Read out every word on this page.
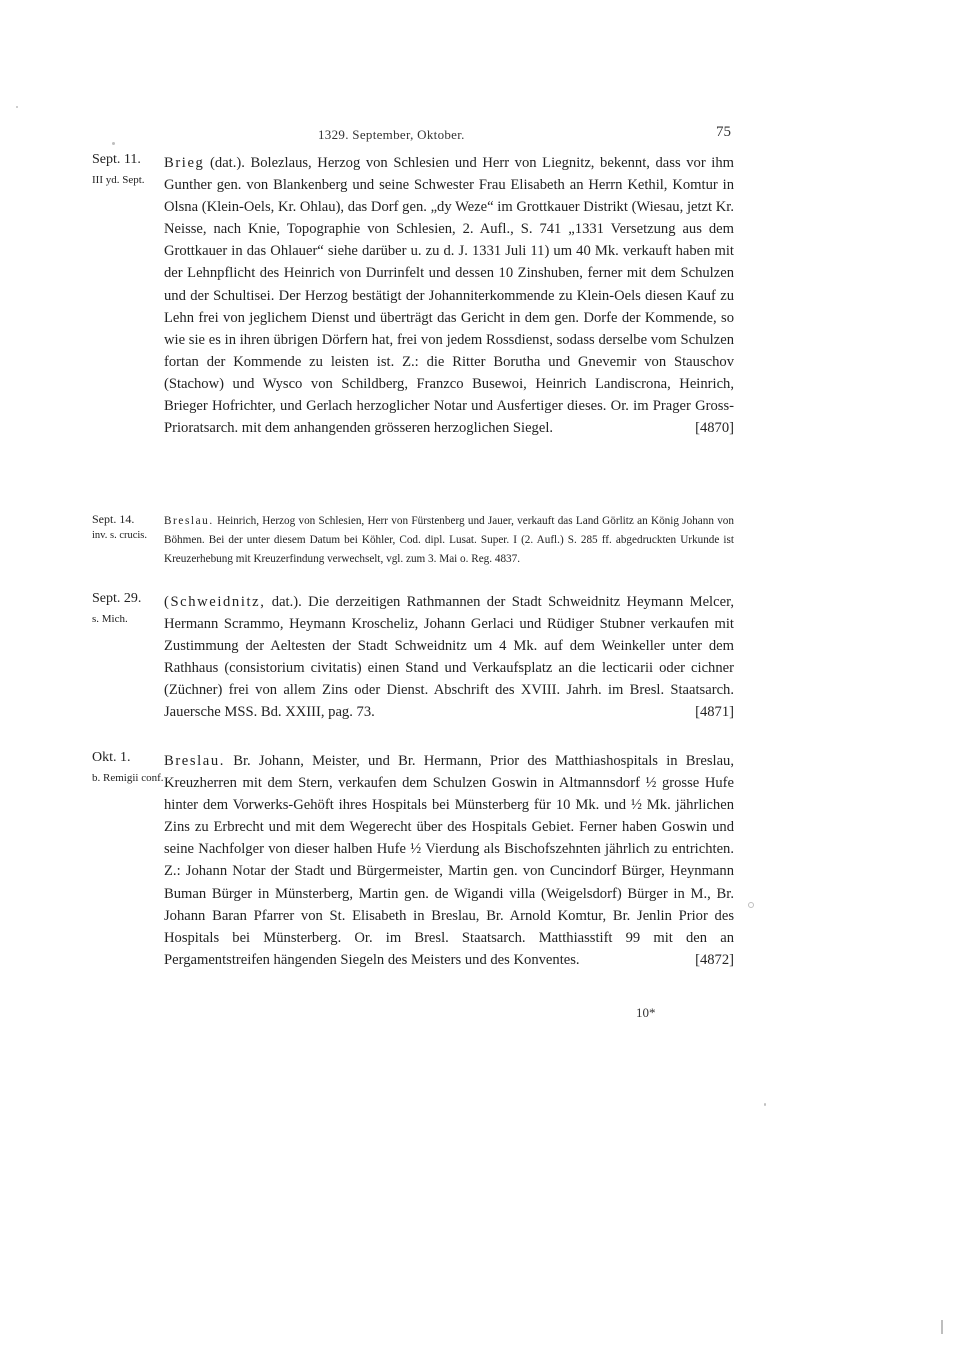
1329. September, Oktober.	75
Sept. 11.
III yd. Sept.
Brieg (dat.). Bolezlaus, Herzog von Schlesien und Herr von Liegnitz, bekennt, dass vor ihm Gunther gen. von Blankenberg und seine Schwester Frau Elisabeth an Herrn Kethil, Komtur in Olsna (Klein-Oels, Kr. Ohlau), das Dorf gen. „dy Weze“ im Grottkauer Distrikt (Wiesau, jetzt Kr. Neisse, nach Knie, Topographie von Schlesien, 2. Aufl., S. 741 „1331 Versetzung aus dem Grottkauer in das Ohlauer“ siehe darüber u. zu d. J. 1331 Juli 11) um 40 Mk. verkauft haben mit der Lehnpflicht des Heinrich von Durrinfelt und dessen 10 Zinshuben, ferner mit dem Schulzen und der Schultisei. Der Herzog bestätigt der Johanniterkommende zu Klein-Oels diesen Kauf zu Lehn frei von jeglichem Dienst und überträgt das Gericht in dem gen. Dorfe der Kommende, so wie sie es in ihren übrigen Dörfern hat, frei von jedem Rossdienst, sodass derselbe vom Schulzen fortan der Kommende zu leisten ist. Z.: die Ritter Borutha und Gnevemir von Stauschov (Stachow) und Wysco von Schildberg, Franzco Busewoi, Heinrich Landiscrona, Heinrich, Brieger Hofrichter, und Gerlach herzoglicher Notar und Ausfertiger dieses. Or. im Prager Gross-Prioratsarch. mit dem anhangenden grösseren herzoglichen Siegel.	[4870]
Sept. 14.
inv. s. crucis.
Breslau. Heinrich, Herzog von Schlesien, Herr von Fürstenberg und Jauer, verkauft das Land Görlitz an König Johann von Böhmen. Bei der unter diesem Datum bei Köhler, Cod. dipl. Lusat. Super. I (2. Aufl.) S. 285 ff. abgedruckten Urkunde ist Kreuzerhebung mit Kreuzerfindung verwechselt, vgl. zum 3. Mai o. Reg. 4837.
Sept. 29.
s. Mich.
(Schweidnitz, dat.). Die derzeitigen Rathmannen der Stadt Schweidnitz Heymann Melcer, Hermann Scrammo, Heymann Kroscheliz, Johann Gerlaci und Rüdiger Stubner verkaufen mit Zustimmung der Aeltesten der Stadt Schweidnitz um 4 Mk. auf dem Weinkeller unter dem Rathhaus (consistorium civitatis) einen Stand und Verkaufsplatz an die lecticarii oder cichner (Züchner) frei von allem Zins oder Dienst. Abschrift des XVIII. Jahrh. im Bresl. Staatsarch. Jauersche MSS. Bd. XXIII, pag. 73.	[4871]
Okt. 1.
b. Remigii conf.
Breslau. Br. Johann, Meister, und Br. Hermann, Prior des Matthiashospitals in Breslau, Kreuzherren mit dem Stern, verkaufen dem Schulzen Goswin in Altmannsdorf ½ grosse Hufe hinter dem Vorwerks-Gehöft ihres Hospitals bei Münsterberg für 10 Mk. und ½ Mk. jährlichen Zins zu Erbrecht und mit dem Wegerecht über des Hospitals Gebiet. Ferner haben Goswin und seine Nachfolger von dieser halben Hufe ½ Vierdung als Bischofszehnten jährlich zu entrichten. Z.: Johann Notar der Stadt und Bürgermeister, Martin gen. von Cuncindorf Bürger, Heynmann Buman Bürger in Münsterberg, Martin gen. de Wigandi villa (Weigelsdorf) Bürger in M., Br. Johann Baran Pfarrer von St. Elisabeth in Breslau, Br. Arnold Komtur, Br. Jenlin Prior des Hospitals bei Münsterberg. Or. im Bresl. Staatsarch. Matthiasstift 99 mit den an Pergamentstreifen hängenden Siegeln des Meisters und des Konventes.	[4872]
10*
